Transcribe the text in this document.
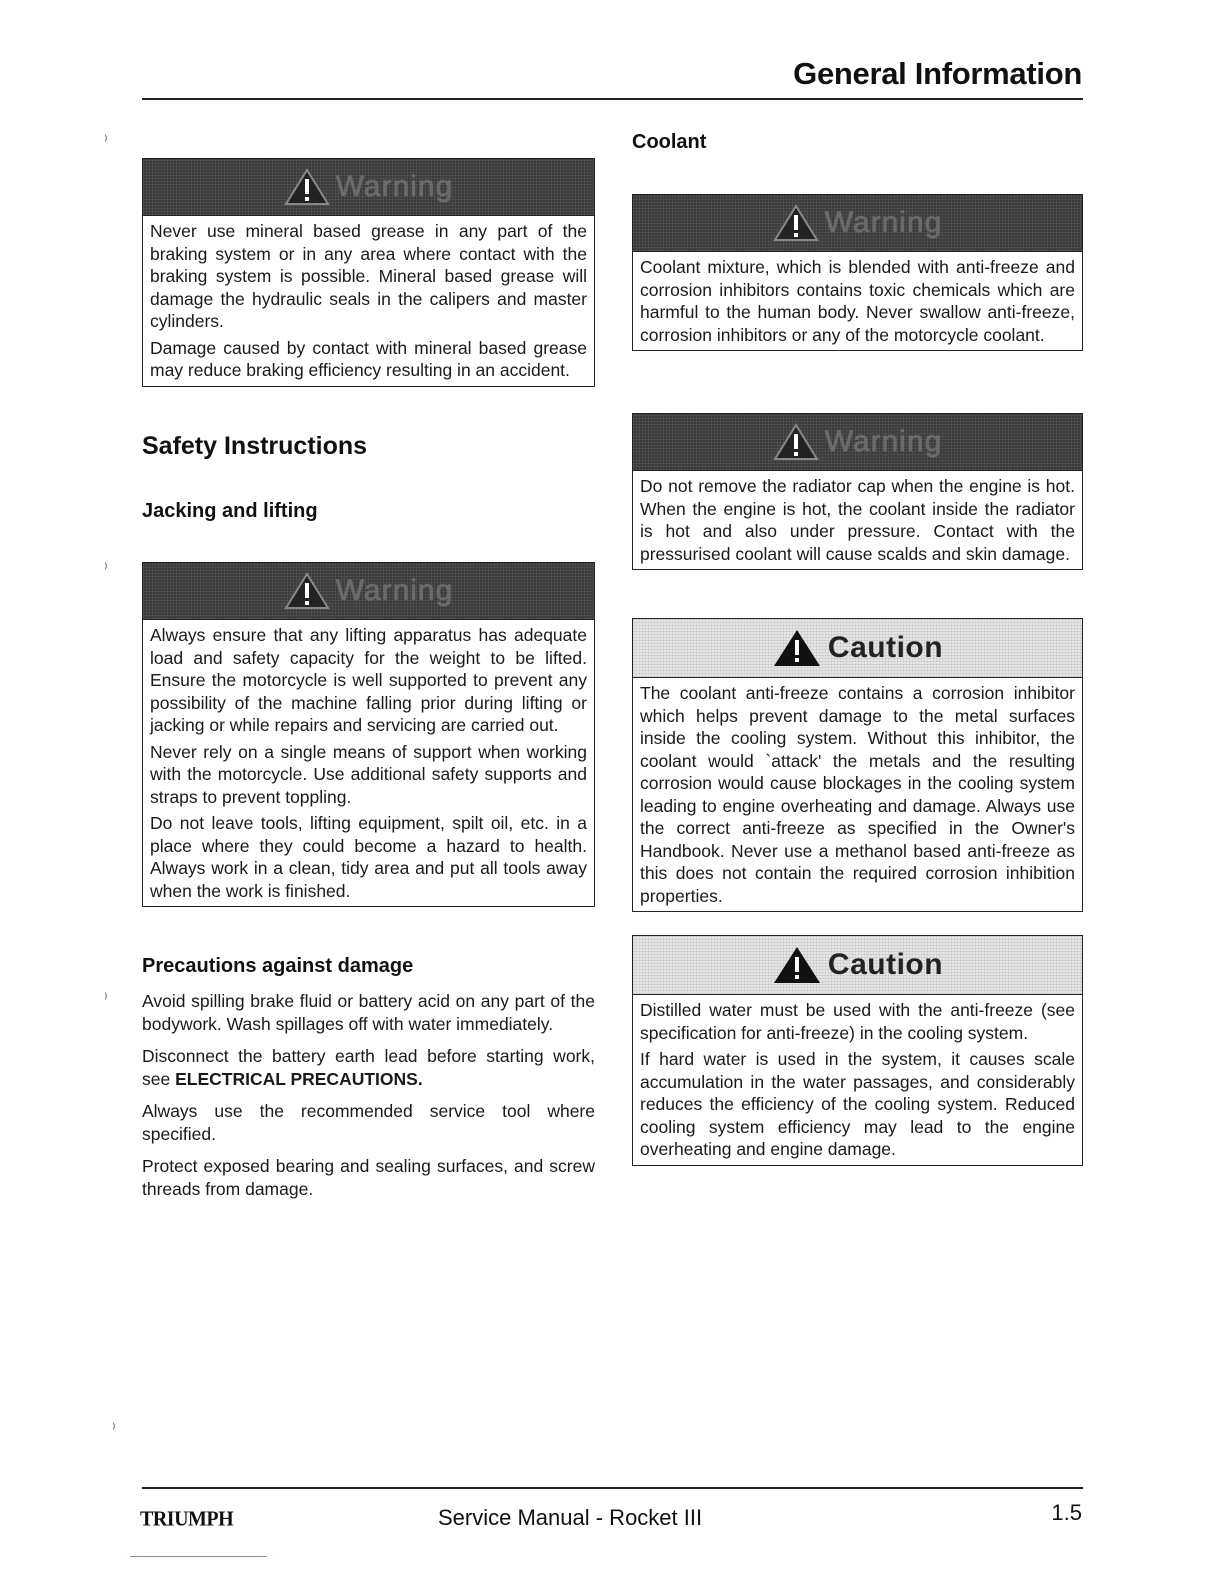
General Information
⁾
⁾
⁾
⁾
Warning

Never use mineral based grease in any part of the braking system or in any area where contact with the braking system is possible. Mineral based grease will damage the hydraulic seals in the calipers and master cylinders.

Damage caused by contact with mineral based grease may reduce braking efficiency resulting in an accident.

Safety Instructions
Jacking and lifting
Warning

Always ensure that any lifting apparatus has adequate load and safety capacity for the weight to be lifted. Ensure the motorcycle is well supported to prevent any possibility of the machine falling prior during lifting or jacking or while repairs and servicing are carried out.

Never rely on a single means of support when working with the motorcycle. Use additional safety supports and straps to prevent toppling.

Do not leave tools, lifting equipment, spilt oil, etc. in a place where they could become a hazard to health. Always work in a clean, tidy area and put all tools away when the work is finished.

Precautions against damage

Avoid spilling brake fluid or battery acid on any part of the bodywork. Wash spillages off with water immediately.

Disconnect the battery earth lead before starting work, see ELECTRICAL PRECAUTIONS.

Always use the recommended service tool where specified.

Protect exposed bearing and sealing surfaces, and screw threads from damage.

Coolant
Warning

Coolant mixture, which is blended with anti-freeze and corrosion inhibitors contains toxic chemicals which are harmful to the human body. Never swallow anti-freeze, corrosion inhibitors or any of the motorcycle coolant.

Warning

Do not remove the radiator cap when the engine is hot. When the engine is hot, the coolant inside the radiator is hot and also under pressure. Contact with the pressurised coolant will cause scalds and skin damage.

Caution

The coolant anti-freeze contains a corrosion inhibitor which helps prevent damage to the metal surfaces inside the cooling system. Without this inhibitor, the coolant would `attack' the metals and the resulting corrosion would cause blockages in the cooling system leading to engine overheating and damage. Always use the correct anti-freeze as specified in the Owner's Handbook. Never use a methanol based anti-freeze as this does not contain the required corrosion inhibition properties.

Caution

Distilled water must be used with the anti-freeze (see specification for anti-freeze) in the cooling system.

If hard water is used in the system, it causes scale accumulation in the water passages, and considerably reduces the efficiency of the cooling system. Reduced cooling system efficiency may lead to the engine overheating and engine damage.

TRIUMPH	Service Manual - Rocket III	1.5
